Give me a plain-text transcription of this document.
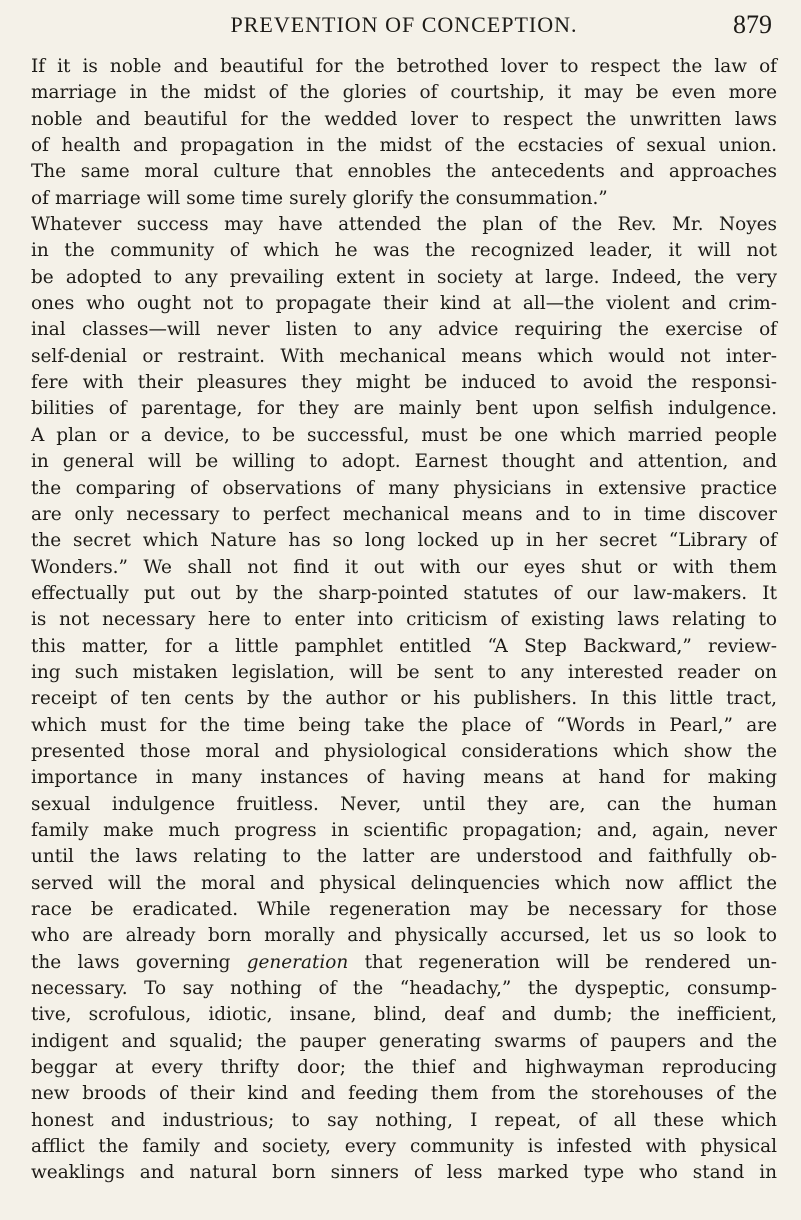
PREVENTION OF CONCEPTION.	879

If it is noble and beautiful for the betrothed lover to respect the law of
marriage in the midst of the glories of courtship, it may be even more
noble and beautiful for the wedded lover to respect the unwritten laws
of health and propagation in the midst of the ecstacies of sexual union.
The same moral culture that ennobles the antecedents and approaches
of marriage will some time surely glorify the consummation.”
Whatever success may have attended the plan of the Rev. Mr. Noyes
in the community of which he was the recognized leader, it will not
be adopted to any prevailing extent in society at large. Indeed, the very
ones who ought not to propagate their kind at all—the violent and crim-
inal classes—will never listen to any advice requiring the exercise of
self-denial or restraint. With mechanical means which would not inter-
fere with their pleasures they might be induced to avoid the responsi-
bilities of parentage, for they are mainly bent upon selfish indulgence.
A plan or a device, to be successful, must be one which married people
in general will be willing to adopt. Earnest thought and attention, and
the comparing of observations of many physicians in extensive practice
are only necessary to perfect mechanical means and to in time discover
the secret which Nature has so long locked up in her secret “Library of
Wonders.” We shall not find it out with our eyes shut or with them
effectually put out by the sharp-pointed statutes of our law-makers. It
is not necessary here to enter into criticism of existing laws relating to
this matter, for a little pamphlet entitled “A Step Backward,” review-
ing such mistaken legislation, will be sent to any interested reader on
receipt of ten cents by the author or his publishers. In this little tract,
which must for the time being take the place of “Words in Pearl,” are
presented those moral and physiological considerations which show the
importance in many instances of having means at hand for making
sexual indulgence fruitless. Never, until they are, can the human
family make much progress in scientific propagation; and, again, never
until the laws relating to the latter are understood and faithfully ob-
served will the moral and physical delinquencies which now afflict the
race be eradicated. While regeneration may be necessary for those
who are already born morally and physically accursed, let us so look to
the laws governing generation that regeneration will be rendered un-
necessary. To say nothing of the “headachy,” the dyspeptic, consump-
tive, scrofulous, idiotic, insane, blind, deaf and dumb; the inefficient,
indigent and squalid; the pauper generating swarms of paupers and the
beggar at every thrifty door; the thief and highwayman reproducing
new broods of their kind and feeding them from the storehouses of the
honest and industrious; to say nothing, I repeat, of all these which
afflict the family and society, every community is infested with physical
weaklings and natural born sinners of less marked type who stand in
